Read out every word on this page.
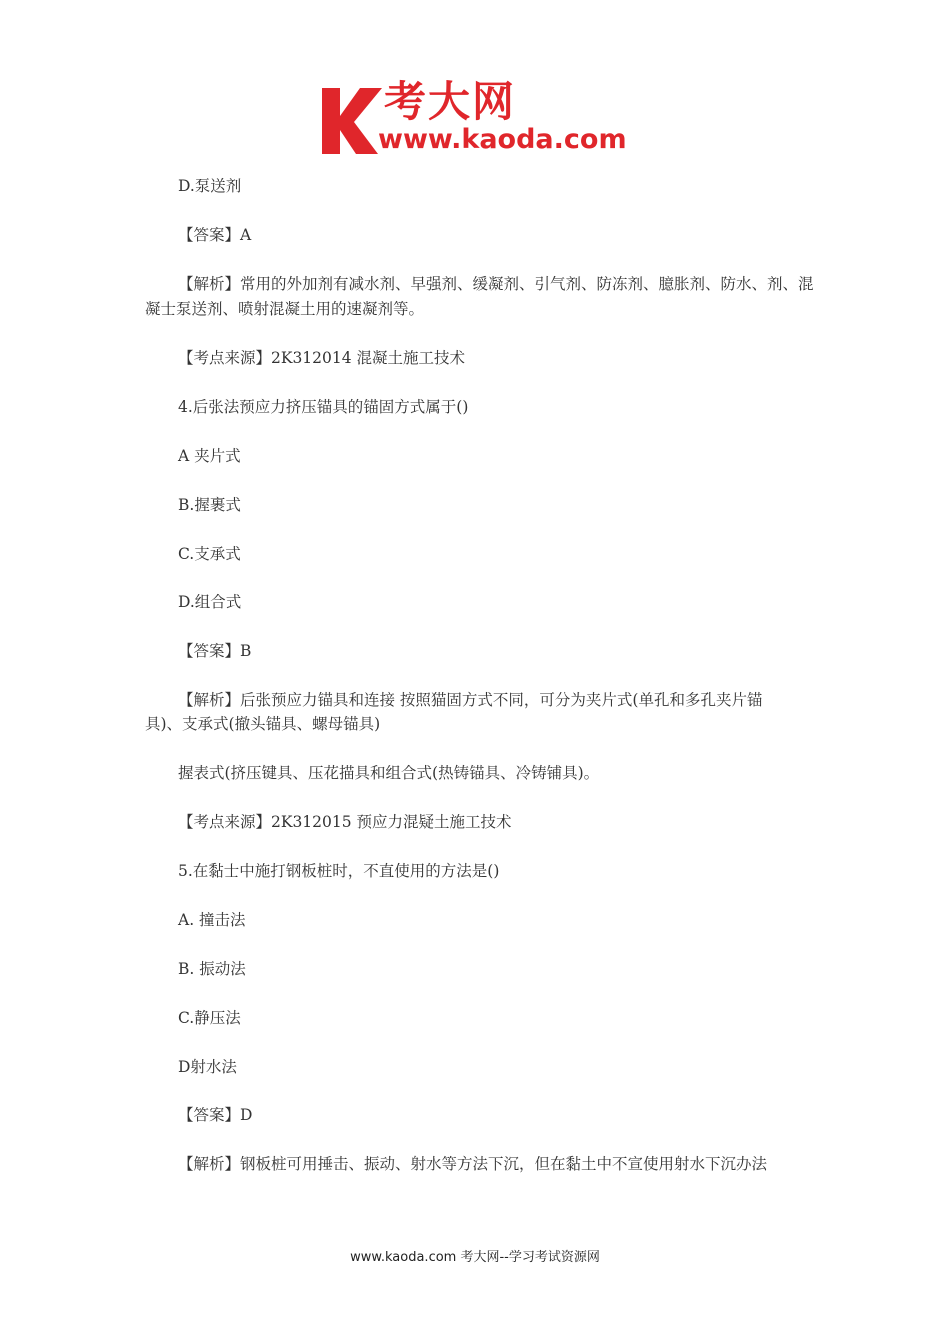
考大网
www.kaoda.com
D.泵送剂
【答案】A
【解析】常用的外加剂有减水剂、早强剂、缓凝剂、引气剂、防冻剂、臆胀剂、防水、剂、混
凝士泵送剂、喷射混凝土用的速凝剂等。
【考点来源】2K312014 混凝土施工技术
4.后张法预应力挤压锚具的锚固方式属于()
A 夹片式
B.握裹式
C.支承式
D.组合式
【答案】B
【解析】后张预应力锚具和连接 按照猫固方式不同，可分为夹片式(单孔和多孔夹片锚
具)、支承式(撤头锚具、螺母锚具)
握表式(挤压键具、压花描具和组合式(热铸锚具、冷铸铺具)。
【考点来源】2K312015 预应力混疑土施工技术
5.在黏士中施打钢板桩时，不直使用的方法是()
A. 撞击法
B. 振动法
C.静压法
D射水法
【答案】D
【解析】钢板桩可用捶击、振动、射水等方法下沉，但在黏土中不宣使用射水下沉办法
www.kaoda.com 考大网--学习考试资源网
